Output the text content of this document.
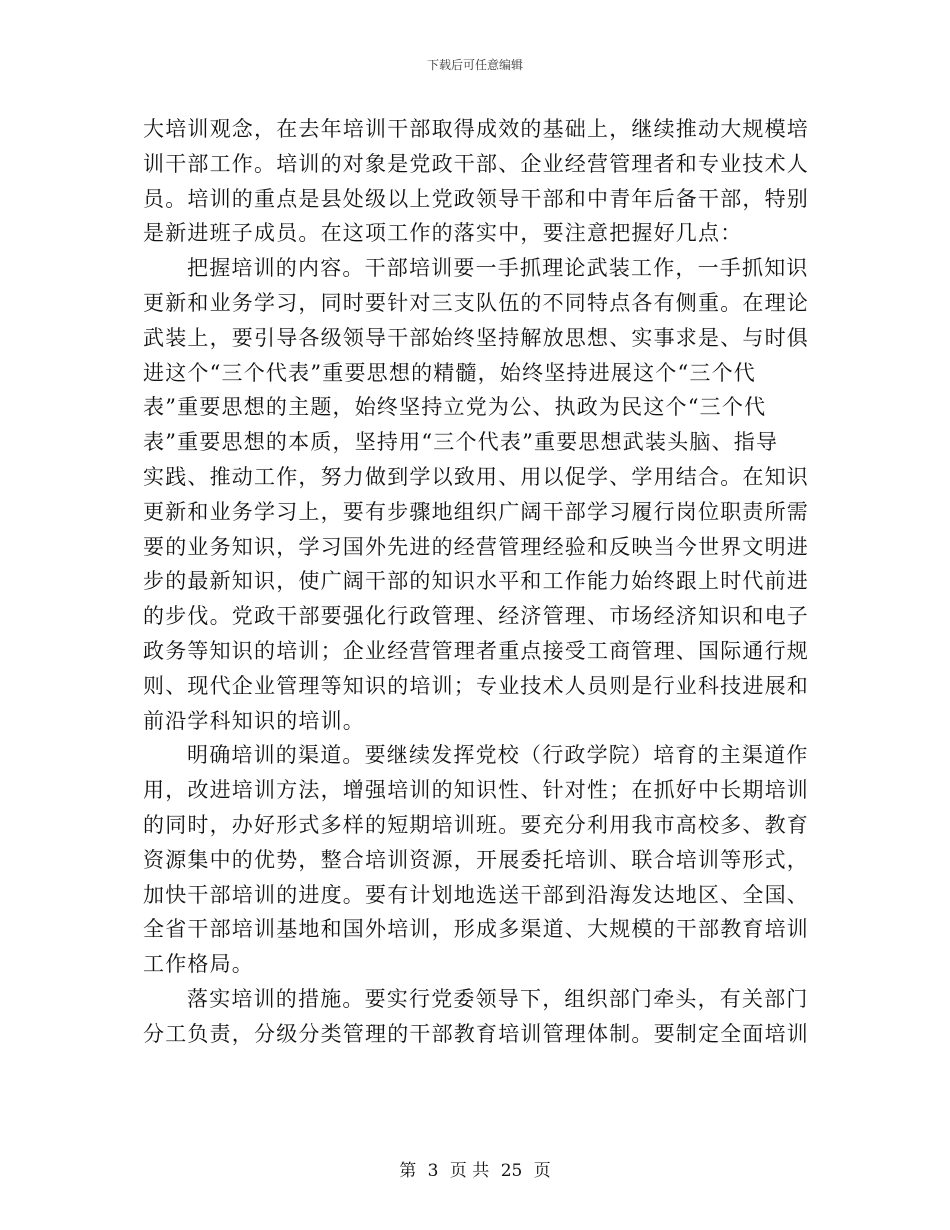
下载后可任意编辑
大培训观念，在去年培训干部取得成效的基础上，继续推动大规模培
训干部工作。培训的对象是党政干部、企业经营管理者和专业技术人
员。培训的重点是县处级以上党政领导干部和中青年后备干部，特别
是新进班子成员。在这项工作的落实中，要注意把握好几点：
把握培训的内容。干部培训要一手抓理论武装工作，一手抓知识
更新和业务学习，同时要针对三支队伍的不同特点各有侧重。在理论
武装上，要引导各级领导干部始终坚持解放思想、实事求是、与时俱
进这个“三个代表”重要思想的精髓，始终坚持进展这个“三个代
表”重要思想的主题，始终坚持立党为公、执政为民这个“三个代
表”重要思想的本质，坚持用“三个代表”重要思想武装头脑、指导
实践、推动工作，努力做到学以致用、用以促学、学用结合。在知识
更新和业务学习上，要有步骤地组织广阔干部学习履行岗位职责所需
要的业务知识，学习国外先进的经营管理经验和反映当今世界文明进
步的最新知识，使广阔干部的知识水平和工作能力始终跟上时代前进
的步伐。党政干部要强化行政管理、经济管理、市场经济知识和电子
政务等知识的培训；企业经营管理者重点接受工商管理、国际通行规
则、现代企业管理等知识的培训；专业技术人员则是行业科技进展和
前沿学科知识的培训。
明确培训的渠道。要继续发挥党校（行政学院）培育的主渠道作
用，改进培训方法，增强培训的知识性、针对性；在抓好中长期培训
的同时，办好形式多样的短期培训班。要充分利用我市高校多、教育
资源集中的优势，整合培训资源，开展委托培训、联合培训等形式，
加快干部培训的进度。要有计划地选送干部到沿海发达地区、全国、
全省干部培训基地和国外培训，形成多渠道、大规模的干部教育培训
工作格局。
落实培训的措施。要实行党委领导下，组织部门牵头，有关部门
分工负责，分级分类管理的干部教育培训管理体制。要制定全面培训
第 3 页 共 25 页
